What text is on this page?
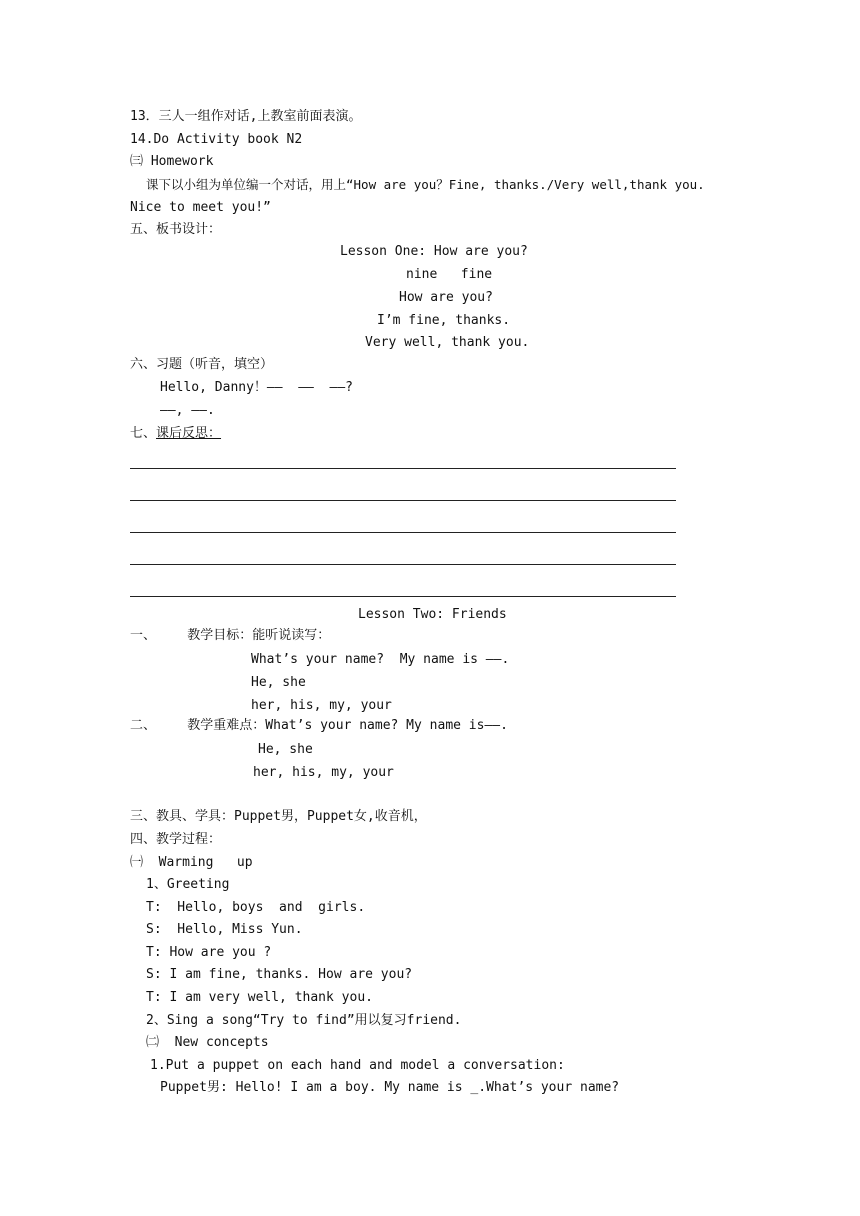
13．三人一组作对话,上教室前面表演。
14.Do Activity book N2
㈢ Homework
课下以小组为单位编一个对话，用上“How are you？Fine, thanks./Very well,thank you.
Nice to meet you!”
五、板书设计：
Lesson One: How are you?
nine   fine
How are you?
I’m fine, thanks.
Very well, thank you.
六、习题（听音，填空）
Hello, Danny！——  ——  ——?
——, ——.
七、课后反思：
Lesson Two: Friends
一、    教学目标：能听说读写：
What’s your name?  My name is ——.
He, she
her, his, my, your
二、    教学重难点：What’s your name? My name is——.
He, she
her, his, my, your
三、教具、学具：Puppet男，Puppet女,收音机，
四、教学过程：
㈠  Warming   up
1、Greeting
T:  Hello, boys  and  girls.
S:  Hello, Miss Yun.
T: How are you ?
S: I am fine, thanks. How are you?
T: I am very well, thank you.
2、Sing a song“Try to find”用以复习friend.
㈡  New concepts
1.Put a puppet on each hand and model a conversation:
Puppet男: Hello! I am a boy. My name is _.What’s your name?
